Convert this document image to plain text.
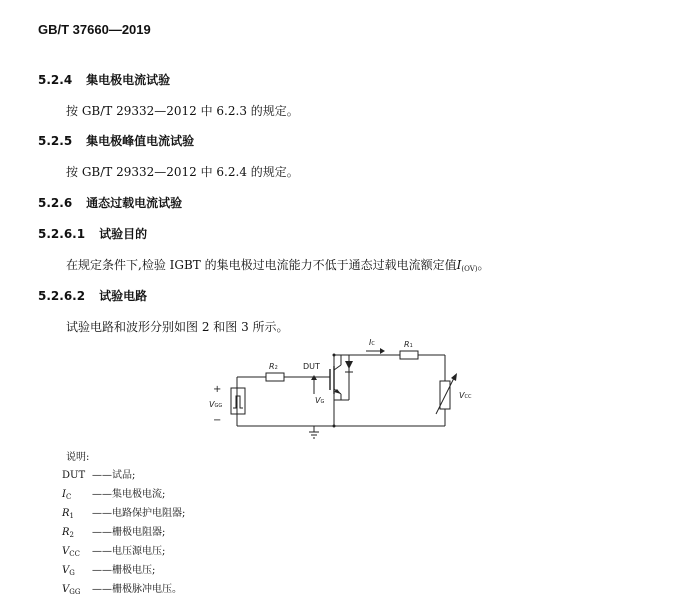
GB/T 37660—2019
5.2.4 集电极电流试验
按 GB/T 29332—2012 中 6.2.3 的规定。
5.2.5 集电极峰值电流试验
按 GB/T 29332—2012 中 6.2.4 的规定。
5.2.6 通态过载电流试验
5.2.6.1 试验目的
在规定条件下,检验 IGBT 的集电极过电流能力不低于通态过载电流额定值$I_{(OV)}$。
5.2.6.2 试验电路
试验电路和波形分别如图 2 和图 3 所示。
R2
R1
IC
DUT
VG
VGG
VCC
+
−
说明:
DUT ——试品;
$I_C$ ——集电极电流;
$R_1$ ——电路保护电阻器;
$R_2$ ——栅极电阻器;
$V_{CC}$ ——电压源电压;
$V_G$ ——栅极电压;
$V_{GG}$ ——栅极脉冲电压。
